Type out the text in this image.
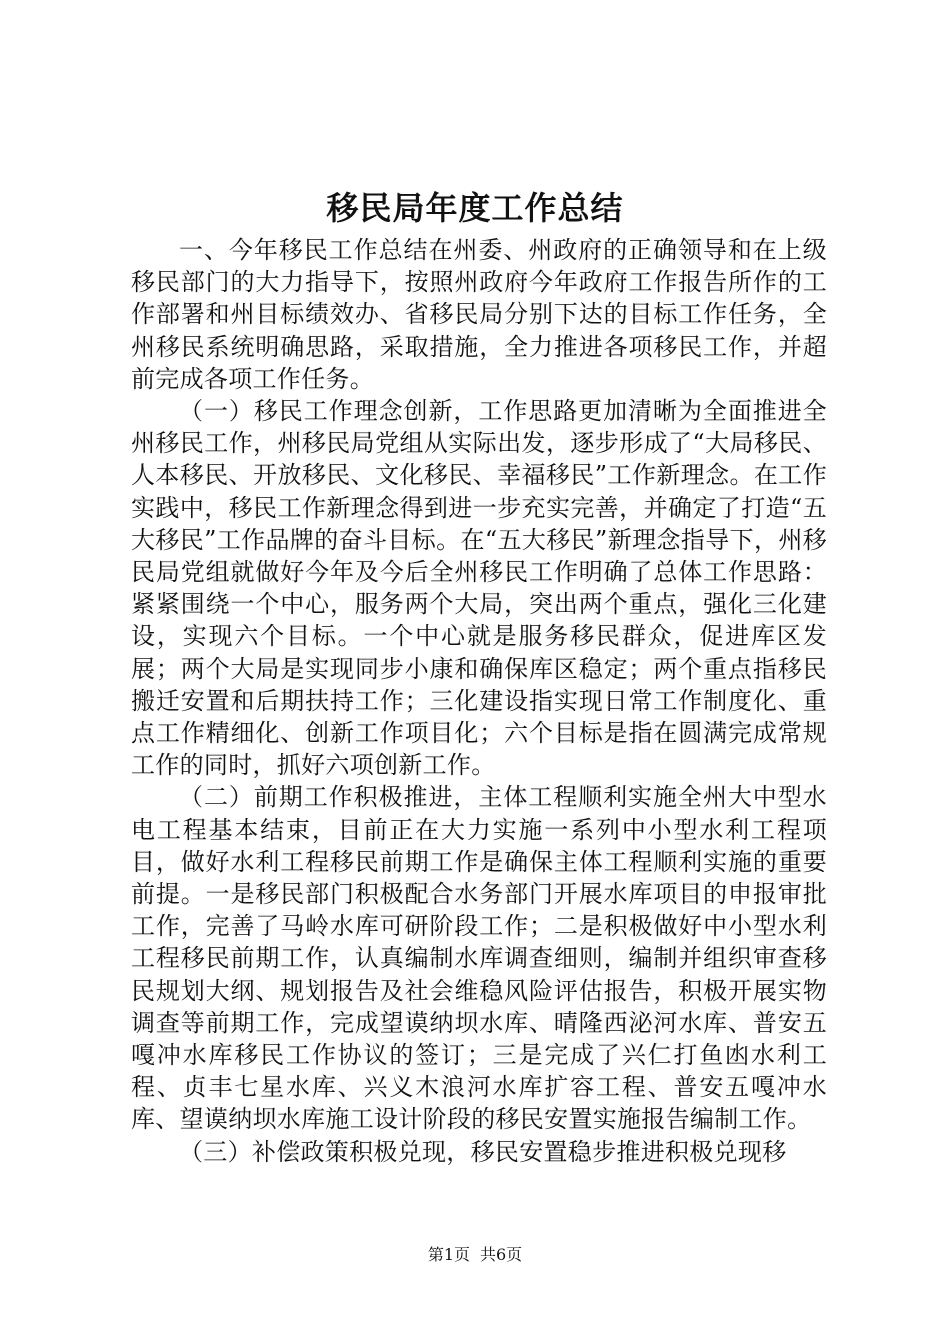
移民局年度工作总结

一、今年移民工作总结在州委、州政府的正确领导和在上级移民部门的大力指导下，按照州政府今年政府工作报告所作的工作部署和州目标绩效办、省移民局分别下达的目标工作任务，全州移民系统明确思路，采取措施，全力推进各项移民工作，并超前完成各项工作任务。

（一）移民工作理念创新，工作思路更加清晰为全面推进全州移民工作，州移民局党组从实际出发，逐步形成了“大局移民、人本移民、开放移民、文化移民、幸福移民”工作新理念。在工作实践中，移民工作新理念得到进一步充实完善，并确定了打造“五大移民”工作品牌的奋斗目标。在“五大移民”新理念指导下，州移民局党组就做好今年及今后全州移民工作明确了总体工作思路：紧紧围绕一个中心，服务两个大局，突出两个重点，强化三化建设，实现六个目标。一个中心就是服务移民群众，促进库区发展；两个大局是实现同步小康和确保库区稳定；两个重点指移民搬迁安置和后期扶持工作；三化建设指实现日常工作制度化、重点工作精细化、创新工作项目化；六个目标是指在圆满完成常规工作的同时，抓好六项创新工作。

（二）前期工作积极推进，主体工程顺利实施全州大中型水电工程基本结束，目前正在大力实施一系列中小型水利工程项目，做好水利工程移民前期工作是确保主体工程顺利实施的重要前提。一是移民部门积极配合水务部门开展水库项目的申报审批工作，完善了马岭水库可研阶段工作；二是积极做好中小型水利工程移民前期工作，认真编制水库调查细则，编制并组织审查移民规划大纲、规划报告及社会维稳风险评估报告，积极开展实物调查等前期工作，完成望谟纳坝水库、晴隆西泌河水库、普安五嘎冲水库移民工作协议的签订；三是完成了兴仁打鱼凼水利工程、贞丰七星水库、兴义木浪河水库扩容工程、普安五嘎冲水库、望谟纳坝水库施工设计阶段的移民安置实施报告编制工作。

（三）补偿政策积极兑现，移民安置稳步推进积极兑现移

第1页 共6页
